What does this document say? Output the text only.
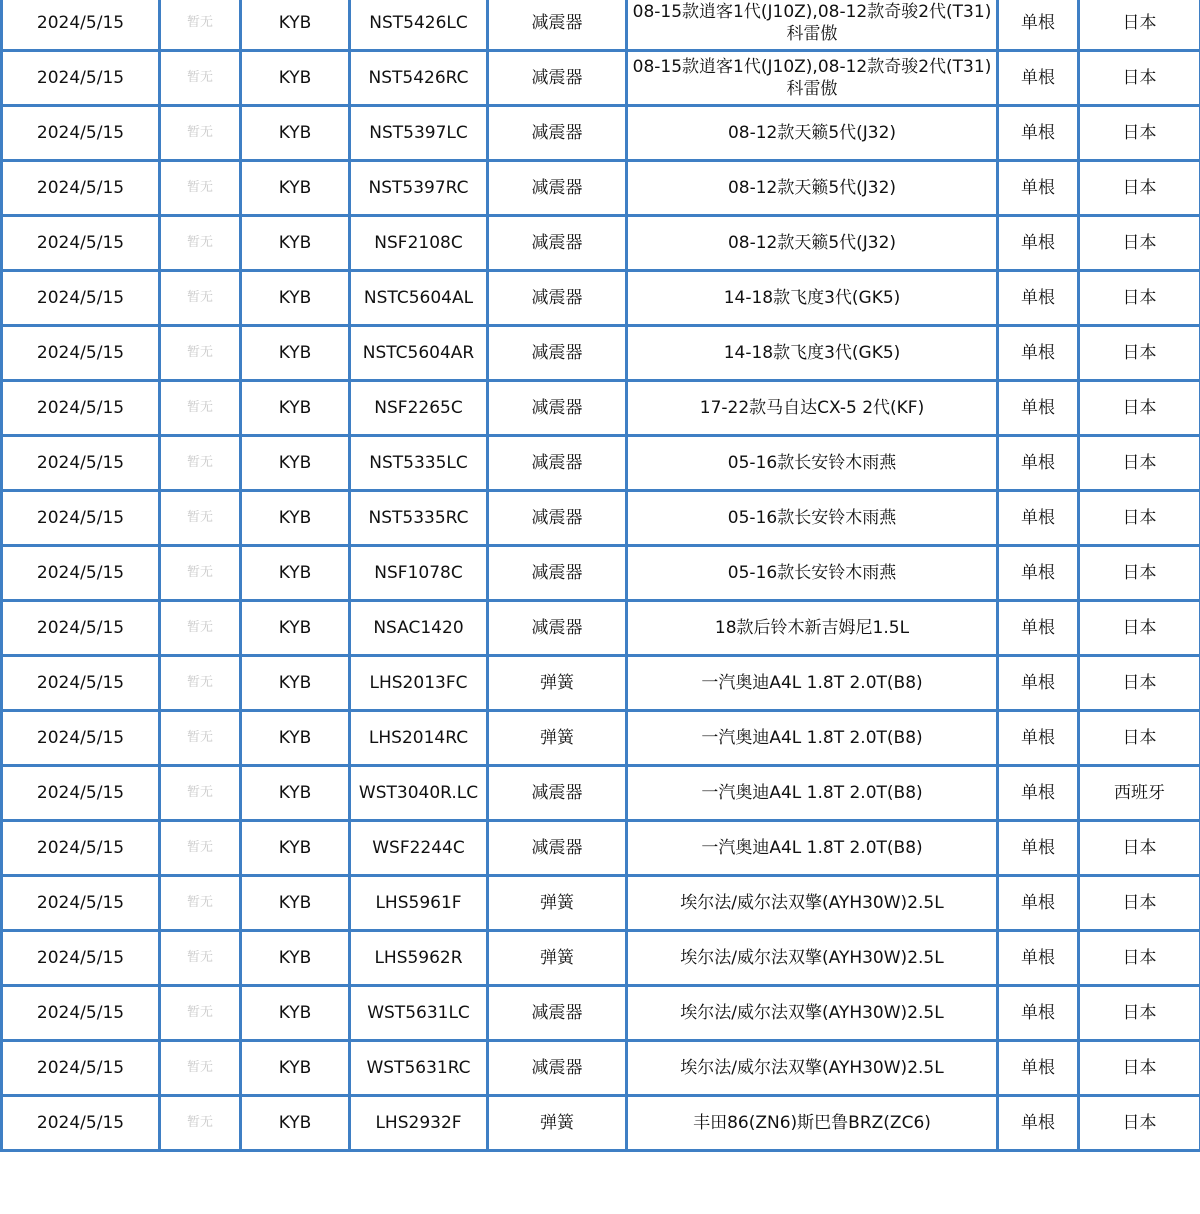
2024/5/15	暂无	KYB	NST5426LC	减震器	08-15款逍客1代(J10Z),08-12款奇骏2代(T31)科雷傲	单根	日本
2024/5/15	暂无	KYB	NST5426RC	减震器	08-15款逍客1代(J10Z),08-12款奇骏2代(T31)科雷傲	单根	日本
2024/5/15	暂无	KYB	NST5397LC	减震器	08-12款天籁5代(J32)	单根	日本
2024/5/15	暂无	KYB	NST5397RC	减震器	08-12款天籁5代(J32)	单根	日本
2024/5/15	暂无	KYB	NSF2108C	减震器	08-12款天籁5代(J32)	单根	日本
2024/5/15	暂无	KYB	NSTC5604AL	减震器	14-18款飞度3代(GK5)	单根	日本
2024/5/15	暂无	KYB	NSTC5604AR	减震器	14-18款飞度3代(GK5)	单根	日本
2024/5/15	暂无	KYB	NSF2265C	减震器	17-22款马自达CX-5 2代(KF)	单根	日本
2024/5/15	暂无	KYB	NST5335LC	减震器	05-16款长安铃木雨燕	单根	日本
2024/5/15	暂无	KYB	NST5335RC	减震器	05-16款长安铃木雨燕	单根	日本
2024/5/15	暂无	KYB	NSF1078C	减震器	05-16款长安铃木雨燕	单根	日本
2024/5/15	暂无	KYB	NSAC1420	减震器	18款后铃木新吉姆尼1.5L	单根	日本
2024/5/15	暂无	KYB	LHS2013FC	弹簧	一汽奥迪A4L 1.8T 2.0T(B8)	单根	日本
2024/5/15	暂无	KYB	LHS2014RC	弹簧	一汽奥迪A4L 1.8T 2.0T(B8)	单根	日本
2024/5/15	暂无	KYB	WST3040R.LC	减震器	一汽奥迪A4L 1.8T 2.0T(B8)	单根	西班牙
2024/5/15	暂无	KYB	WSF2244C	减震器	一汽奥迪A4L 1.8T 2.0T(B8)	单根	日本
2024/5/15	暂无	KYB	LHS5961F	弹簧	埃尔法/威尔法双擎(AYH30W)2.5L	单根	日本
2024/5/15	暂无	KYB	LHS5962R	弹簧	埃尔法/威尔法双擎(AYH30W)2.5L	单根	日本
2024/5/15	暂无	KYB	WST5631LC	减震器	埃尔法/威尔法双擎(AYH30W)2.5L	单根	日本
2024/5/15	暂无	KYB	WST5631RC	减震器	埃尔法/威尔法双擎(AYH30W)2.5L	单根	日本
2024/5/15	暂无	KYB	LHS2932F	弹簧	丰田86(ZN6)斯巴鲁BRZ(ZC6)	单根	日本
